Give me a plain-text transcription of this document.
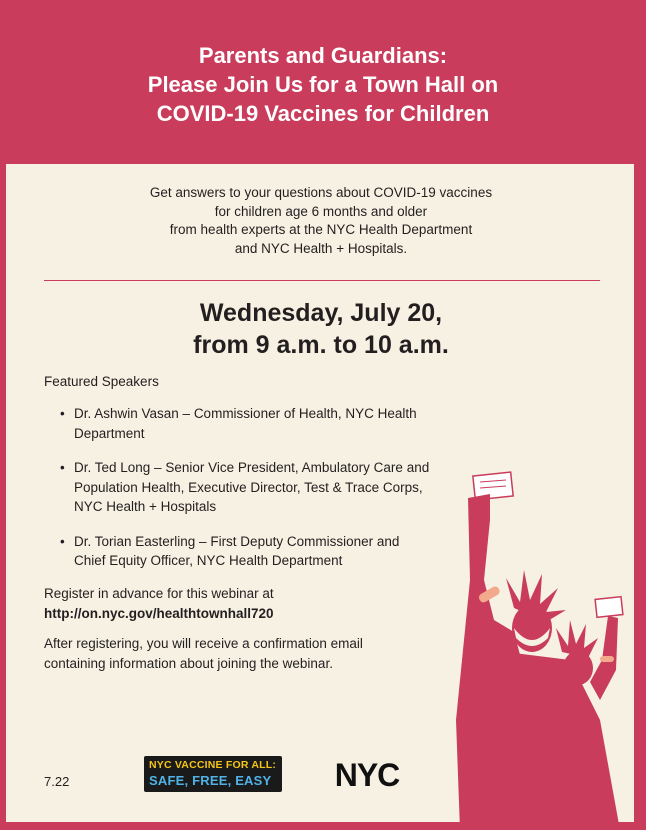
Parents and Guardians:
Please Join Us for a Town Hall on
COVID-19 Vaccines for Children
Get answers to your questions about COVID-19 vaccines
for children age 6 months and older
from health experts at the NYC Health Department
and NYC Health + Hospitals.
Wednesday, July 20,
from 9 a.m. to 10 a.m.
Featured Speakers
• Dr. Ashwin Vasan – Commissioner of Health, NYC Health Department
• Dr. Ted Long – Senior Vice President, Ambulatory Care and Population Health, Executive Director, Test & Trace Corps, NYC Health + Hospitals
• Dr. Torian Easterling – First Deputy Commissioner and Chief Equity Officer, NYC Health Department
Register in advance for this webinar at
http://on.nyc.gov/healthtownhall720
After registering, you will receive a confirmation email
containing information about joining the webinar.
7.22
NYC VACCINE FOR ALL:
SAFE, FREE, EASY NYC
